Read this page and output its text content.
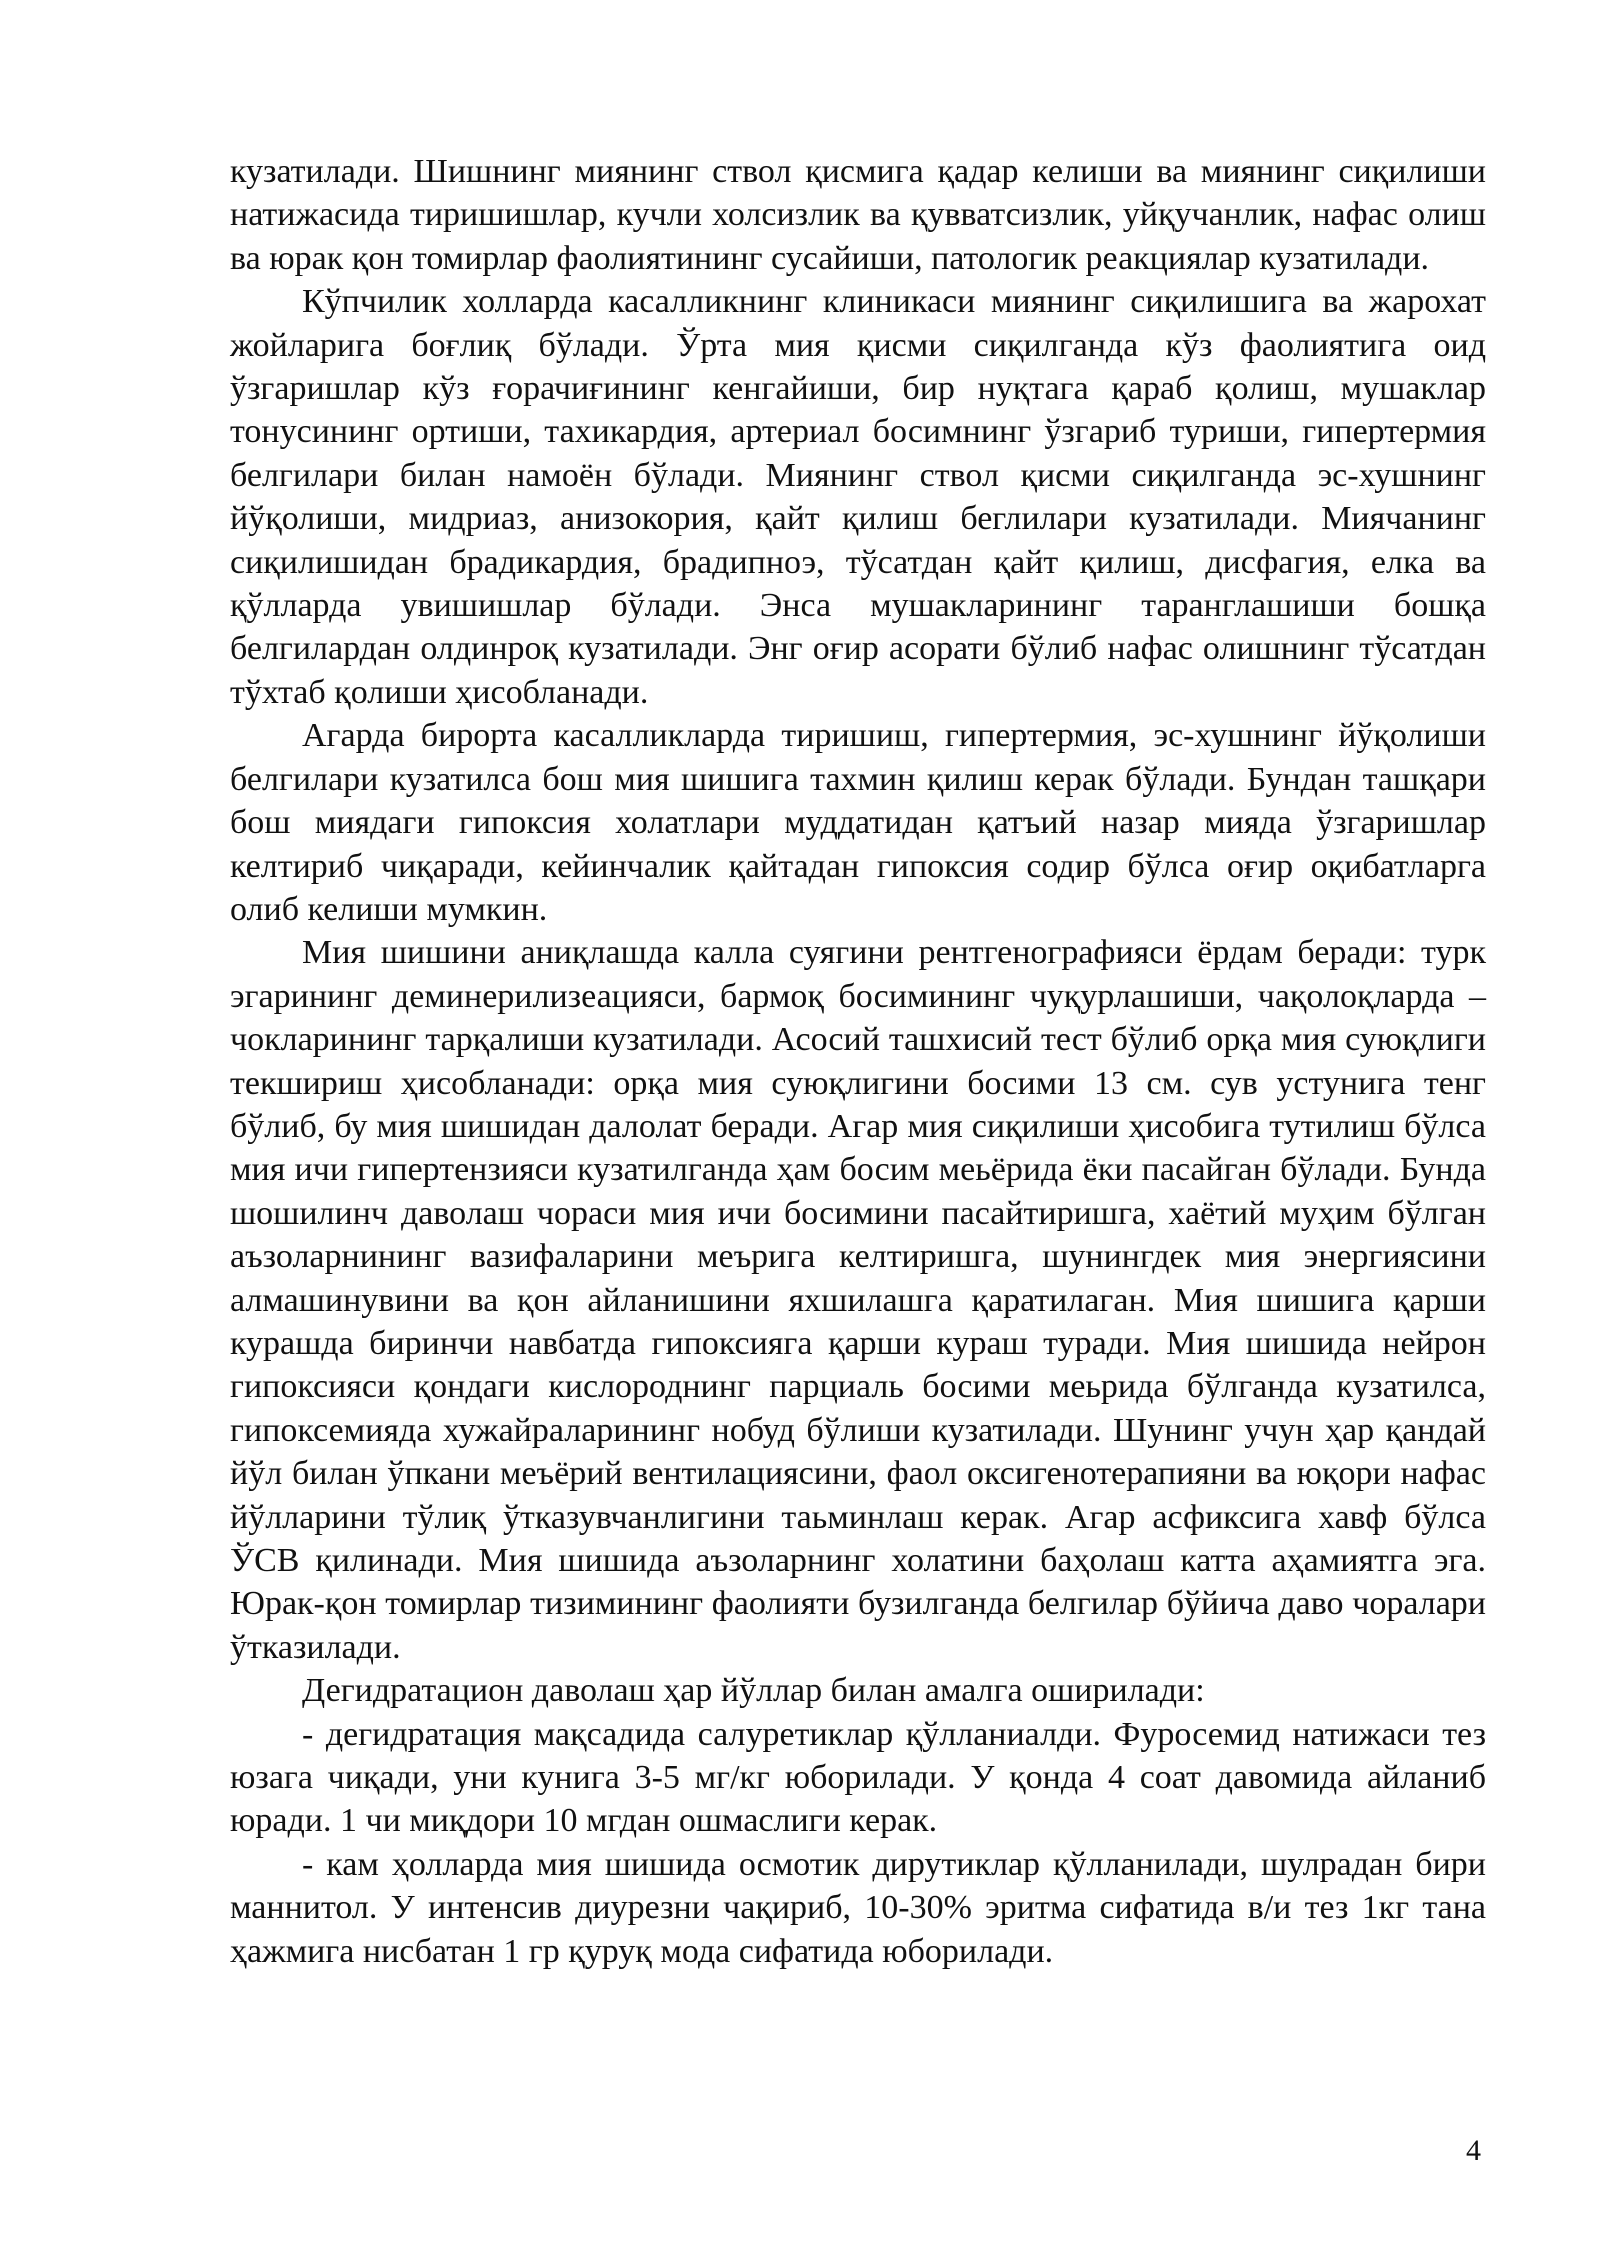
кузатилади. Шишнинг миянинг ствол қисмига қадар келиши ва миянинг сиқилиши натижасида тиришишлар, кучли холсизлик ва қувватсизлик, уйқучанлик, нафас олиш ва юрак қон томирлар фаолиятининг сусайиши, патологик реакциялар кузатилади.

Кўпчилик холларда касалликнинг клиникаси миянинг сиқилишига ва жарохат жойларига боғлиқ бўлади. Ўрта мия қисми сиқилганда кўз фаолиятига оид ўзгаришлар кўз ғорачиғининг кенгайиши, бир нуқтага қараб қолиш, мушаклар тонусининг ортиши, тахикардия, артериал босимнинг ўзгариб туриши, гипертермия белгилари билан намоён бўлади. Миянинг ствол қисми сиқилганда эс-хушнинг йўқолиши, мидриаз, анизокория, қайт қилиш беглилари кузатилади. Миячанинг сиқилишидан брадикардия, брадипноэ, тўсатдан қайт қилиш, дисфагия, елка ва қўлларда увишишлар бўлади. Энса мушакларининг таранглашиши бошқа белгилардан олдинроқ кузатилади. Энг оғир асорати бўлиб нафас олишнинг тўсатдан тўхтаб қолиши ҳисобланади.

Агарда бирорта касалликларда тиришиш, гипертермия, эс-хушнинг йўқолиши белгилари кузатилса бош мия шишига тахмин қилиш керак бўлади. Бундан ташқари бош миядаги гипоксия холатлари муддатидан қатъий назар мияда ўзгаришлар келтириб чиқаради, кейинчалик қайтадан гипоксия содир бўлса оғир оқибатларга олиб келиши мумкин.

Мия шишини аниқлашда калла суягини рентгенографияси ёрдам беради: турк эгарининг деминерилизеацияси, бармоқ босимининг чуқурлашиши, чақолоқларда – чокларининг тарқалиши кузатилади. Асосий ташхисий тест бўлиб орқа мия суюқлиги текшириш ҳисобланади: орқа мия суюқлигини босими 13 см. сув устунига тенг бўлиб, бу мия шишидан далолат беради. Агар мия сиқилиши ҳисобига тутилиш бўлса мия ичи гипертензияси кузатилганда ҳам босим меьёрида ёки пасайган бўлади. Бунда шошилинч даволаш чораси мия ичи босимини пасайтиришга, хаётий муҳим бўлган аъзоларнининг вазифаларини меърига келтиришга, шунингдек мия энергиясини алмашинувини ва қон айланишини яхшилашга қаратилаган. Мия шишига қарши курашда биринчи навбатда гипоксияга қарши кураш туради. Мия шишида нейрон гипоксияси қондаги кислороднинг парциаль босими меьрида бўлганда кузатилса, гипоксемияда хужайраларининг нобуд бўлиши кузатилади. Шунинг учун ҳар қандай йўл билан ўпкани меъёрий вентилациясини, фаол оксигенотерапияни ва юқори нафас йўлларини тўлиқ ўтказувчанлигини таьминлаш керак. Агар асфиксига хавф бўлса ЎСВ қилинади. Мия шишида аъзоларнинг холатини баҳолаш катта аҳамиятга эга. Юрак-қон томирлар тизимининг фаолияти бузилганда белгилар бўйича даво чоралари ўтказилади.

Дегидратацион даволаш ҳар йўллар билан амалга оширилади:

- дегидратация мақсадида салуретиклар қўлланиалди. Фуросемид натижаси тез юзага чиқади, уни кунига 3-5 мг/кг юборилади. У қонда 4 соат давомида айланиб юради. 1 чи миқдори 10 мгдан ошмаслиги керак.

- кам ҳолларда мия шишида осмотик дирутиклар қўлланилади, шулрадан бири маннитол. У интенсив диурезни чақириб, 10-30% эритма сифатида в/и тез 1кг тана ҳажмига нисбатан 1 гр қуруқ мода сифатида юборилади.

4
